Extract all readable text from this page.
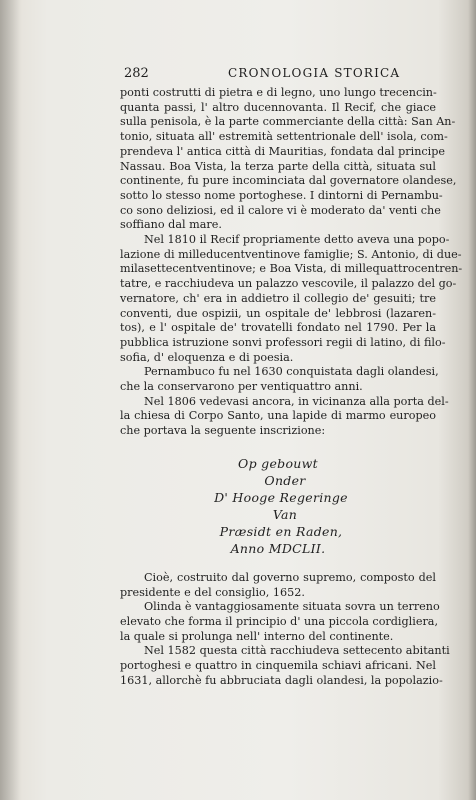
282	CRONOLOGIA STORICA
ponti costrutti di pietra e di legno, uno lungo trecencin-
quanta passi, l' altro ducennovanta. Il Recif, che giace
sulla penisola, è la parte commerciante della città: San An-
tonio, situata all' estremità settentrionale dell' isola, com-
prendeva l' antica città di Mauritias, fondata dal principe
Nassau. Boa Vista, la terza parte della città, situata sul
continente, fu pure incominciata dal governatore olandese,
sotto lo stesso nome portoghese. I dintorni di Pernambu-
co sono deliziosi, ed il calore vi è moderato da' venti che
soffiano dal mare.
Nel 1810 il Recif propriamente detto aveva una popo-
lazione di milleducentventinove famiglie; S. Antonio, di due-
milasettecentventinove; e Boa Vista, di millequattrocentren-
tatre, e racchiudeva un palazzo vescovile, il palazzo del go-
vernatore, ch' era in addietro il collegio de' gesuiti; tre
conventi, due ospizii, un ospitale de' lebbrosi (lazaren-
tos), e l' ospitale de' trovatelli fondato nel 1790. Per la
pubblica istruzione sonvi professori regii di latino, di filo-
sofia, d' eloquenza e di poesia.
Pernambuco fu nel 1630 conquistata dagli olandesi,
che la conservarono per ventiquattro anni.
Nel 1806 vedevasi ancora, in vicinanza alla porta del-
la chiesa di Corpo Santo, una lapide di marmo europeo
che portava la seguente inscrizione:
Op gebouwt
Onder
D' Hooge Regeringe
Van
Præsidt en Raden,
Anno MDCLII.
Cioè, costruito dal governo supremo, composto del
presidente e del consiglio, 1652.
Olinda è vantaggiosamente situata sovra un terreno
elevato che forma il principio d' una piccola cordigliera,
la quale si prolunga nell' interno del continente.
Nel 1582 questa città racchiudeva settecento abitanti
portoghesi e quattro in cinquemila schiavi africani. Nel
1631, allorchè fu abbruciata dagli olandesi, la popolazio-
